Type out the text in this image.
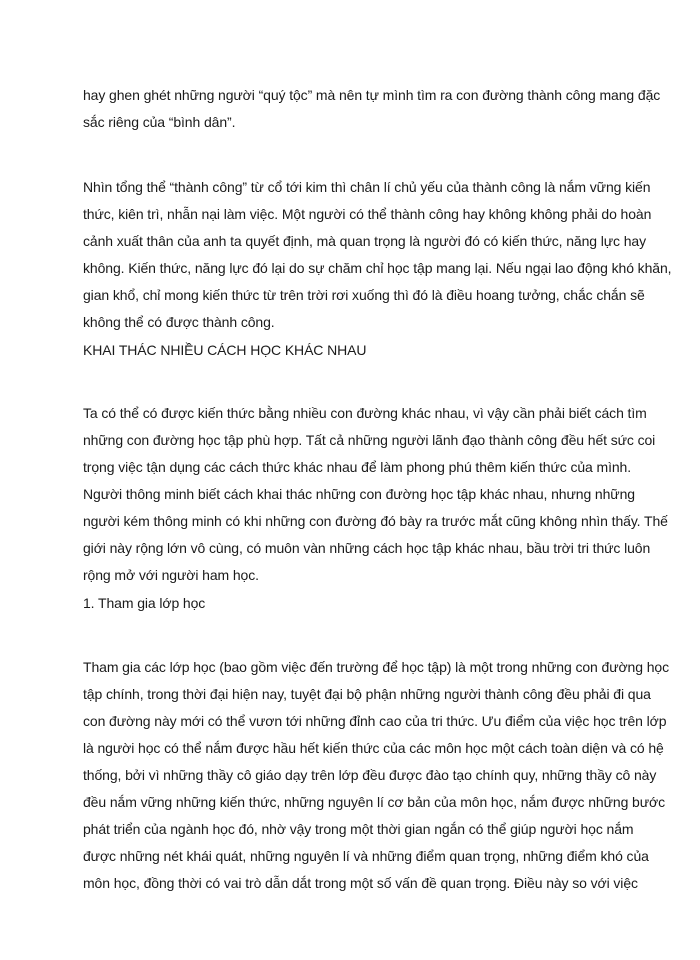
hay ghen ghét những người “quý tộc” mà nên tự mình tìm ra con đường thành công mang đặc
sắc riêng của “bình dân”.
Nhìn tổng thể “thành công” từ cổ tới kim thì chân lí chủ yếu của thành công là nắm vững kiến
thức, kiên trì, nhẫn nại làm việc. Một người có thể thành công hay không không phải do hoàn
cảnh xuất thân của anh ta quyết định, mà quan trọng là người đó có kiến thức, năng lực hay
không. Kiến thức, năng lực đó lại do sự chăm chỉ học tập mang lại. Nếu ngại lao động khó khăn,
gian khổ, chỉ mong kiến thức từ trên trời rơi xuống thì đó là điều hoang tưởng, chắc chắn sẽ
không thể có được thành công.
KHAI THÁC NHIỀU CÁCH HỌC KHÁC NHAU
Ta có thể có được kiến thức bằng nhiều con đường khác nhau, vì vậy cần phải biết cách tìm
những con đường học tập phù hợp. Tất cả những người lãnh đạo thành công đều hết sức coi
trọng việc tận dụng các cách thức khác nhau để làm phong phú thêm kiến thức của mình.
Người thông minh biết cách khai thác những con đường học tập khác nhau, nhưng những
người kém thông minh có khi những con đường đó bày ra trước mắt cũng không nhìn thấy. Thế
giới này rộng lớn vô cùng, có muôn vàn những cách học tập khác nhau, bầu trời tri thức luôn
rộng mở với người ham học.
1. Tham gia lớp học
Tham gia các lớp học (bao gồm việc đến trường để học tập) là một trong những con đường học
tập chính, trong thời đại hiện nay, tuyệt đại bộ phận những người thành công đều phải đi qua
con đường này mới có thể vươn tới những đỉnh cao của tri thức. Ưu điểm của việc học trên lớp
là người học có thể nắm được hầu hết kiến thức của các môn học một cách toàn diện và có hệ
thống, bởi vì những thầy cô giáo dạy trên lớp đều được đào tạo chính quy, những thầy cô này
đều nắm vững những kiến thức, những nguyên lí cơ bản của môn học, nắm được những bước
phát triển của ngành học đó, nhờ vậy trong một thời gian ngắn có thể giúp người học nắm
được những nét khái quát, những nguyên lí và những điểm quan trọng, những điểm khó của
môn học, đồng thời có vai trò dẫn dắt trong một số vấn đề quan trọng. Điều này so với việc
